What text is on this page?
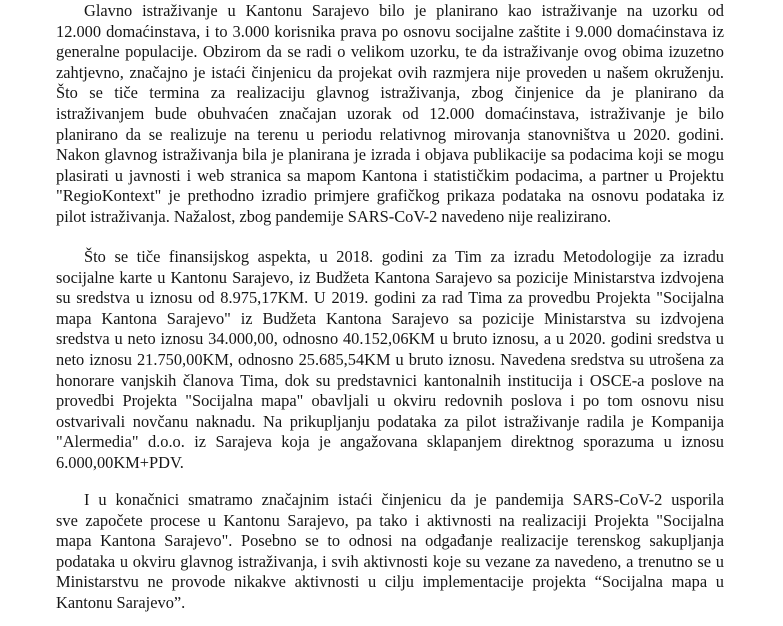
Glavno istraživanje u Kantonu Sarajevo bilo je planirano kao istraživanje na uzorku od
12.000 domaćinstava, i to 3.000 korisnika prava po osnovu socijalne zaštite i 9.000 domaćinstava iz
generalne populacije. Obzirom da se radi o velikom uzorku, te da istraživanje ovog obima izuzetno
zahtjevno, značajno je istaći činjenicu da projekat ovih razmjera nije proveden u našem okruženju.
Što se tiče termina za realizaciju glavnog istraživanja, zbog činjenice da je planirano da
istraživanjem bude obuhvaćen značajan uzorak od 12.000 domaćinstava, istraživanje je bilo
planirano da se realizuje na terenu u periodu relativnog mirovanja stanovništva u 2020. godini.
Nakon glavnog istraživanja bila je planirana je izrada i objava publikacije sa podacima koji se mogu
plasirati u javnosti i web stranica sa mapom Kantona i statističkim podacima, a partner u Projektu
"RegioKontext" je prethodno izradio primjere grafičkog prikaza podataka na osnovu podataka iz
pilot istraživanja. Nažalost, zbog pandemije SARS-CoV-2 navedeno nije realizirano.
Što se tiče finansijskog aspekta, u 2018. godini za Tim za izradu Metodologije za izradu
socijalne karte u Kantonu Sarajevo, iz Budžeta Kantona Sarajevo sa pozicije Ministarstva izdvojena
su sredstva u iznosu od 8.975,17KM. U 2019. godini za rad Tima za provedbu Projekta "Socijalna
mapa Kantona Sarajevo" iz Budžeta Kantona Sarajevo sa pozicije Ministarstva su izdvojena
sredstva u neto iznosu 34.000,00, odnosno 40.152,06KM u bruto iznosu, a u 2020. godini sredstva u
neto iznosu 21.750,00KM, odnosno 25.685,54KM u bruto iznosu. Navedena sredstva su utrošena za
honorare vanjskih članova Tima, dok su predstavnici kantonalnih institucija i OSCE-a poslove na
provedbi Projekta "Socijalna mapa" obavljali u okviru redovnih poslova i po tom osnovu nisu
ostvarivali novčanu naknadu. Na prikupljanju podataka za pilot istraživanje radila je Kompanija
"Alermedia" d.o.o. iz Sarajeva koja je angažovana sklapanjem direktnog sporazuma u iznosu
6.000,00KM+PDV.
I u konačnici smatramo značajnim istaći činjenicu da je pandemija SARS-CoV-2 usporila
sve započete procese u Kantonu Sarajevo, pa tako i aktivnosti na realizaciji Projekta "Socijalna
mapa Kantona Sarajevo". Posebno se to odnosi na odgađanje realizacije terenskog sakupljanja
podataka u okviru glavnog istraživanja, i svih aktivnosti koje su vezane za navedeno, a trenutno se u
Ministarstvu ne provode nikakve aktivnosti u cilju implementacije projekta “Socijalna mapa u
Kantonu Sarajevo”.
